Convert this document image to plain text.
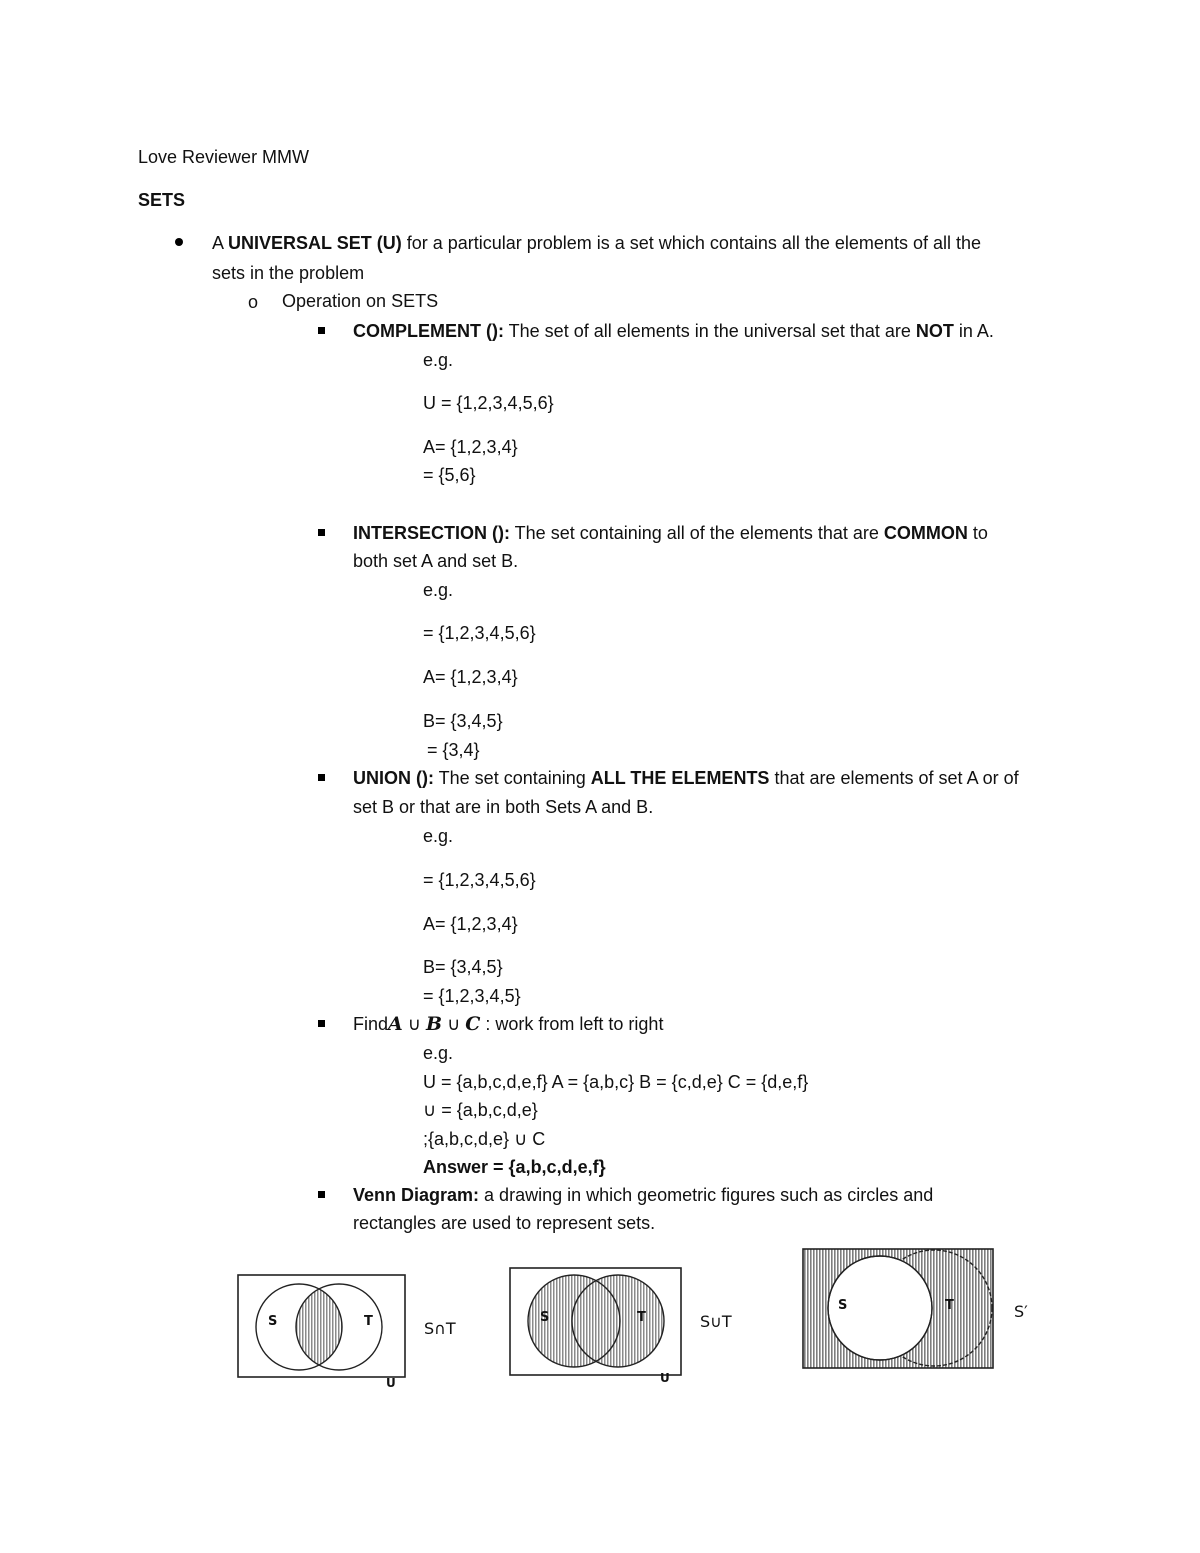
Love Reviewer MMW
SETS
A UNIVERSAL SET (U) for a particular problem is a set which contains all the elements of all the
sets in the problem
o Operation on SETS
COMPLEMENT (): The set of all elements in the universal set that are NOT in A.
e.g.
U = {1,2,3,4,5,6}
A= {1,2,3,4}
= {5,6}
INTERSECTION (): The set containing all of the elements that are COMMON to
both set A and set B.
e.g.
= {1,2,3,4,5,6}
A= {1,2,3,4}
B= {3,4,5}
= {3,4}
UNION (): The set containing ALL THE ELEMENTS that are elements of set A or of
set B or that are in both Sets A and B.
e.g.
= {1,2,3,4,5,6}
A= {1,2,3,4}
B= {3,4,5}
= {1,2,3,4,5}
FindA ∪ B ∪ C : work from left to right
e.g.
U = {a,b,c,d,e,f} A = {a,b,c} B = {c,d,e} C = {d,e,f}
∪ = {a,b,c,d,e}
;{a,b,c,d,e} ∪ C
Answer = {a,b,c,d,e,f}
Venn Diagram: a drawing in which geometric figures such as circles and
rectangles are used to represent sets.
S	T
U
S∩T
S	T
U
S∪T
S	T	S′
